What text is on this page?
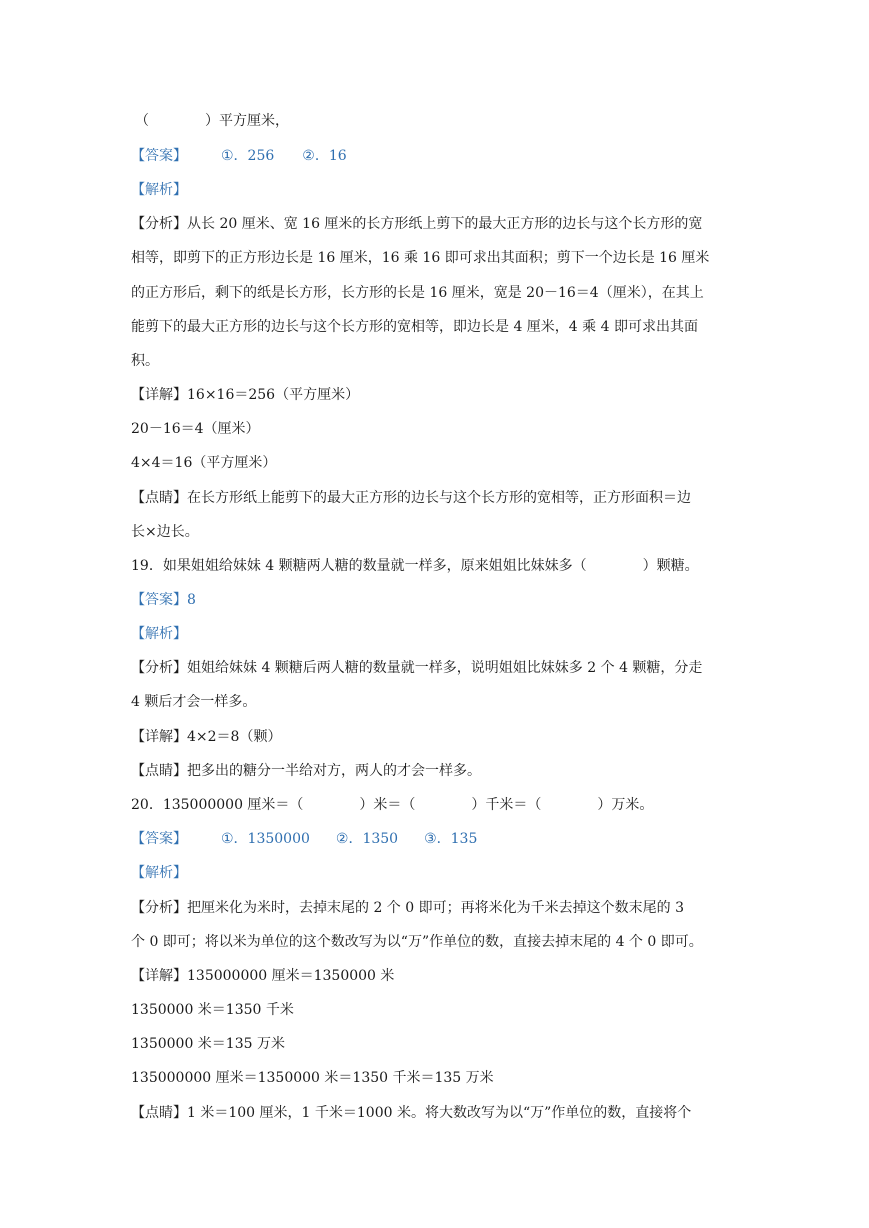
（　　　　）平方厘米，
【答案】 ①．256 ②．16
【解析】
【分析】从长 20 厘米、宽 16 厘米的长方形纸上剪下的最大正方形的边长与这个长方形的宽
相等，即剪下的正方形边长是 16 厘米，16 乘 16 即可求出其面积；剪下一个边长是 16 厘米
的正方形后，剩下的纸是长方形，长方形的长是 16 厘米，宽是 20－16＝4（厘米），在其上
能剪下的最大正方形的边长与这个长方形的宽相等，即边长是 4 厘米，4 乘 4 即可求出其面
积。
【详解】16×16＝256（平方厘米）
20－16＝4（厘米）
4×4＝16（平方厘米）
【点睛】在长方形纸上能剪下的最大正方形的边长与这个长方形的宽相等，正方形面积＝边
长×边长。
19．如果姐姐给妹妹 4 颗糖两人糖的数量就一样多，原来姐姐比妹妹多（　　　　）颗糖。
【答案】8
【解析】
【分析】姐姐给妹妹 4 颗糖后两人糖的数量就一样多，说明姐姐比妹妹多 2 个 4 颗糖，分走
4 颗后才会一样多。
【详解】4×2＝8（颗）
【点睛】把多出的糖分一半给对方，两人的才会一样多。
20．135000000 厘米＝（　　　　）米＝（　　　　）千米＝（　　　　）万米。
【答案】 ①．1350000 ②．1350 ③．135
【解析】
【分析】把厘米化为米时，去掉末尾的 2 个 0 即可；再将米化为千米去掉这个数末尾的 3
个 0 即可；将以米为单位的这个数改写为以“万”作单位的数，直接去掉末尾的 4 个 0 即可。
【详解】135000000 厘米＝1350000 米
1350000 米＝1350 千米
1350000 米＝135 万米
135000000 厘米＝1350000 米＝1350 千米＝135 万米
【点睛】1 米＝100 厘米，1 千米＝1000 米。将大数改写为以“万”作单位的数，直接将个
